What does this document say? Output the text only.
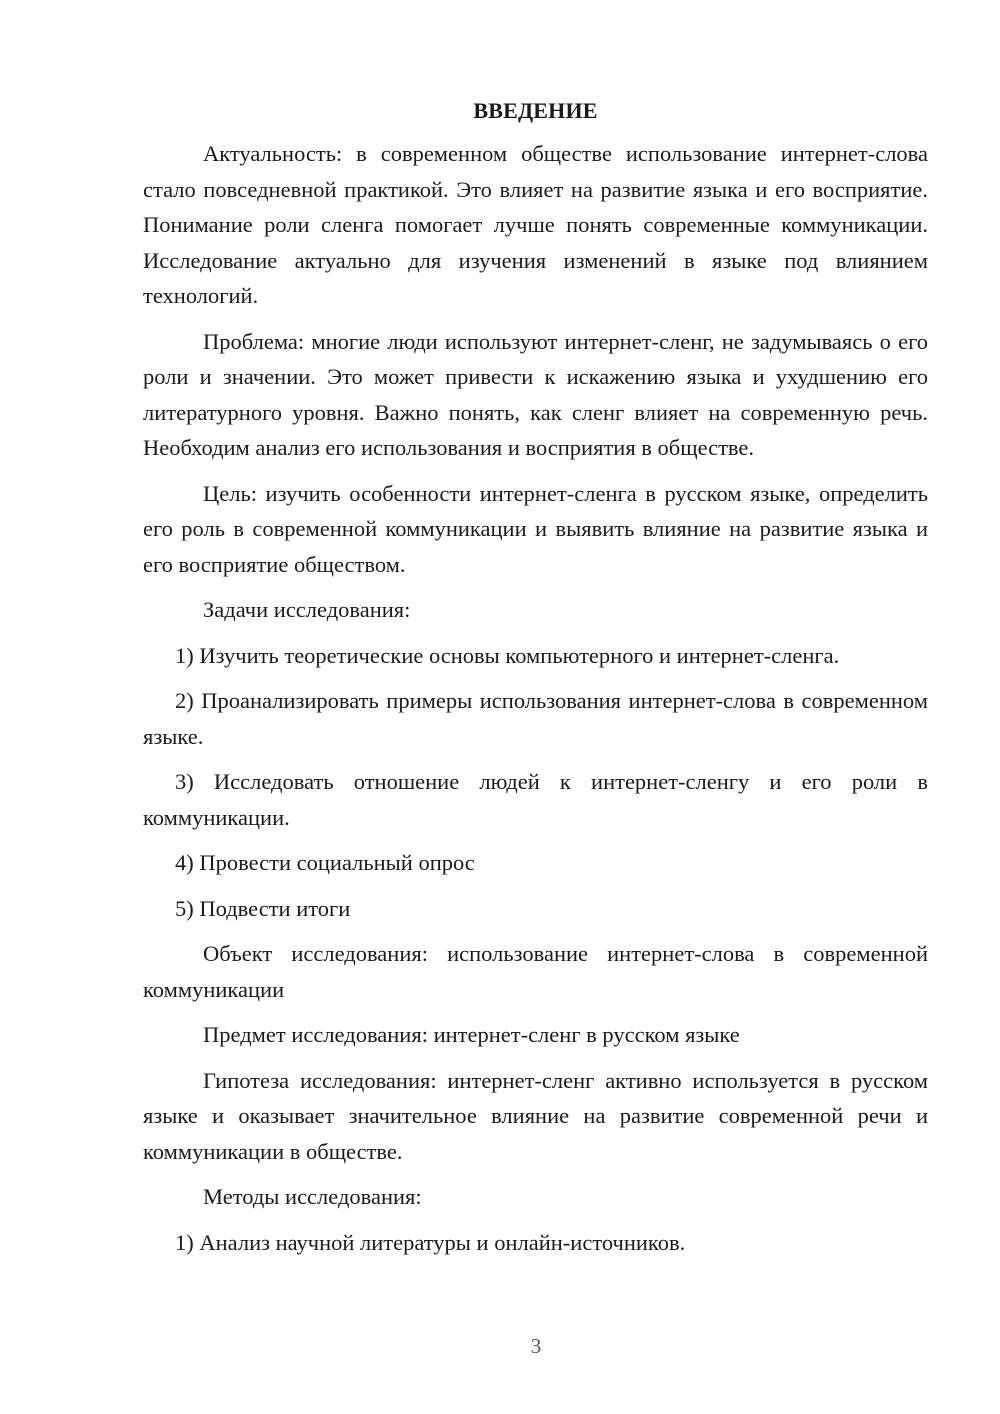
ВВЕДЕНИЕ

Актуальность: в современном обществе использование интернет-слова стало повседневной практикой. Это влияет на развитие языка и его восприятие. Понимание роли сленга помогает лучше понять современные коммуникации. Исследование актуально для изучения изменений в языке под влиянием технологий.

Проблема: многие люди используют интернет-сленг, не задумываясь о его роли и значении. Это может привести к искажению языка и ухудшению его литературного уровня. Важно понять, как сленг влияет на современную речь. Необходим анализ его использования и восприятия в обществе.

Цель: изучить особенности интернет-сленга в русском языке, определить его роль в современной коммуникации и выявить влияние на развитие языка и его восприятие обществом.

Задачи исследования:

1) Изучить теоретические основы компьютерного и интернет-сленга.

2) Проанализировать примеры использования интернет-слова в современном языке.

3) Исследовать отношение людей к интернет-сленгу и его роли в коммуникации.

4) Провести социальный опрос

5) Подвести итоги

Объект исследования: использование интернет-слова в современной коммуникации

Предмет исследования: интернет-сленг в русском языке

Гипотеза исследования: интернет-сленг активно используется в русском языке и оказывает значительное влияние на развитие современной речи и коммуникации в обществе.

Методы исследования:

1) Анализ научной литературы и онлайн-источников.

3
